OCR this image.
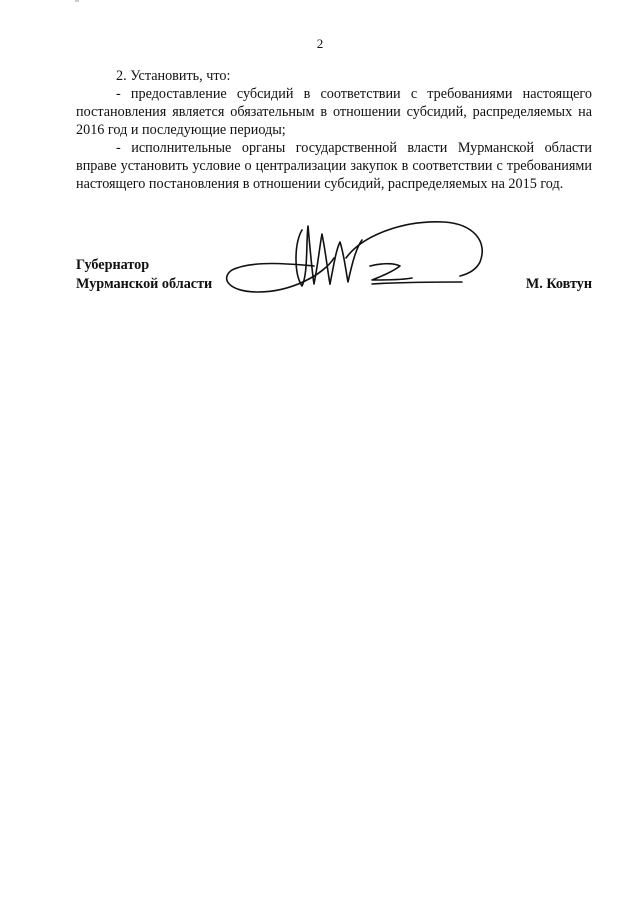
2

2. Установить, что:

- предоставление субсидий в соответствии с требованиями настоящего постановления является обязательным в отношении субсидий, распределяемых на 2016 год и последующие периоды;

- исполнительные органы государственной власти Мурманской области вправе установить условие о централизации закупок в соответствии с требованиями настоящего постановления в отношении субсидий, распределяемых на 2015 год.

Губернатор
Мурманской области	М. Ковтун
